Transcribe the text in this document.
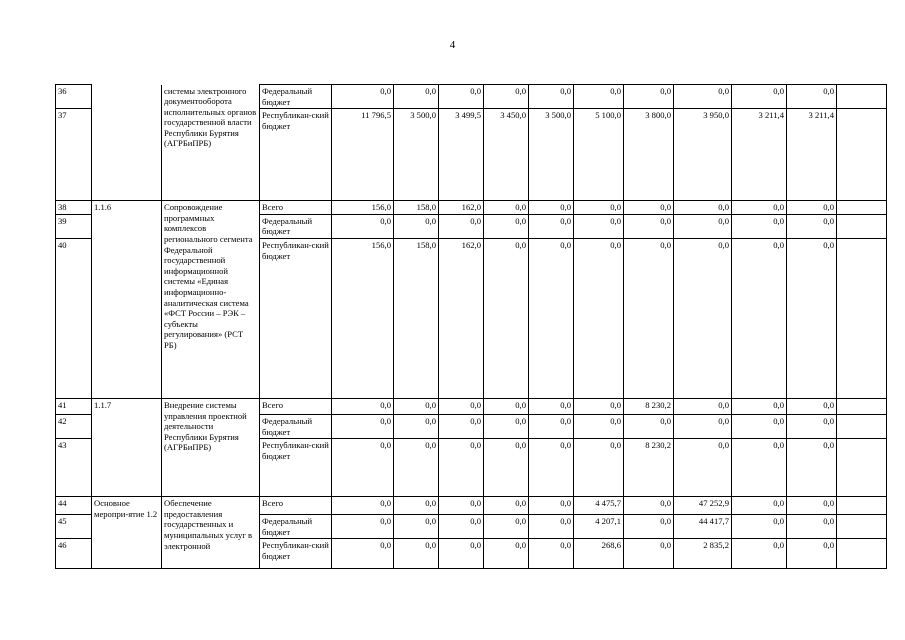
4
36		системы электронного документооборота исполнительных органов государственной власти Республики Бурятия (АГРБиПРБ)	Федеральный бюджет	0,0	0,0	0,0	0,0	0,0	0,0	0,0	0,0	0,0	0,0	
37			Республикан-ский бюджет	11 796,5	3 500,0	3 499,5	3 450,0	3 500,0	5 100,0	3 800,0	3 950,0	3 211,4	3 211,4	
38	1.1.6	Сопровождение программных комплексов регионального сегмента Федеральной государственной информационной системы «Единая информационно-аналитическая система «ФСТ России – РЭК – субъекты регулирования» (РСТ РБ)	Всего	156,0	158,0	162,0	0,0	0,0	0,0	0,0	0,0	0,0	0,0	
39			Федеральный бюджет	0,0	0,0	0,0	0,0	0,0	0,0	0,0	0,0	0,0	0,0	
40			Республикан-ский бюджет	156,0	158,0	162,0	0,0	0,0	0,0	0,0	0,0	0,0	0,0	
41	1.1.7	Внедрение системы управления проектной деятельности Республики Бурятия (АГРБиПРБ)	Всего	0,0	0,0	0,0	0,0	0,0	0,0	8 230,2	0,0	0,0	0,0	
42			Федеральный бюджет	0,0	0,0	0,0	0,0	0,0	0,0	0,0	0,0	0,0	0,0	
43			Республикан-ский бюджет	0,0	0,0	0,0	0,0	0,0	0,0	8 230,2	0,0	0,0	0,0	
44	Основное меропри-ятие 1.2	Обеспечение предоставления государственных и муниципальных услуг в электронной	Всего	0,0	0,0	0,0	0,0	0,0	4 475,7	0,0	47 252,9	0,0	0,0	
45			Федеральный бюджет	0,0	0,0	0,0	0,0	0,0	4 207,1	0,0	44 417,7	0,0	0,0	
46			Республикан-ский бюджет	0,0	0,0	0,0	0,0	0,0	268,6	0,0	2 835,2	0,0	0,0	
